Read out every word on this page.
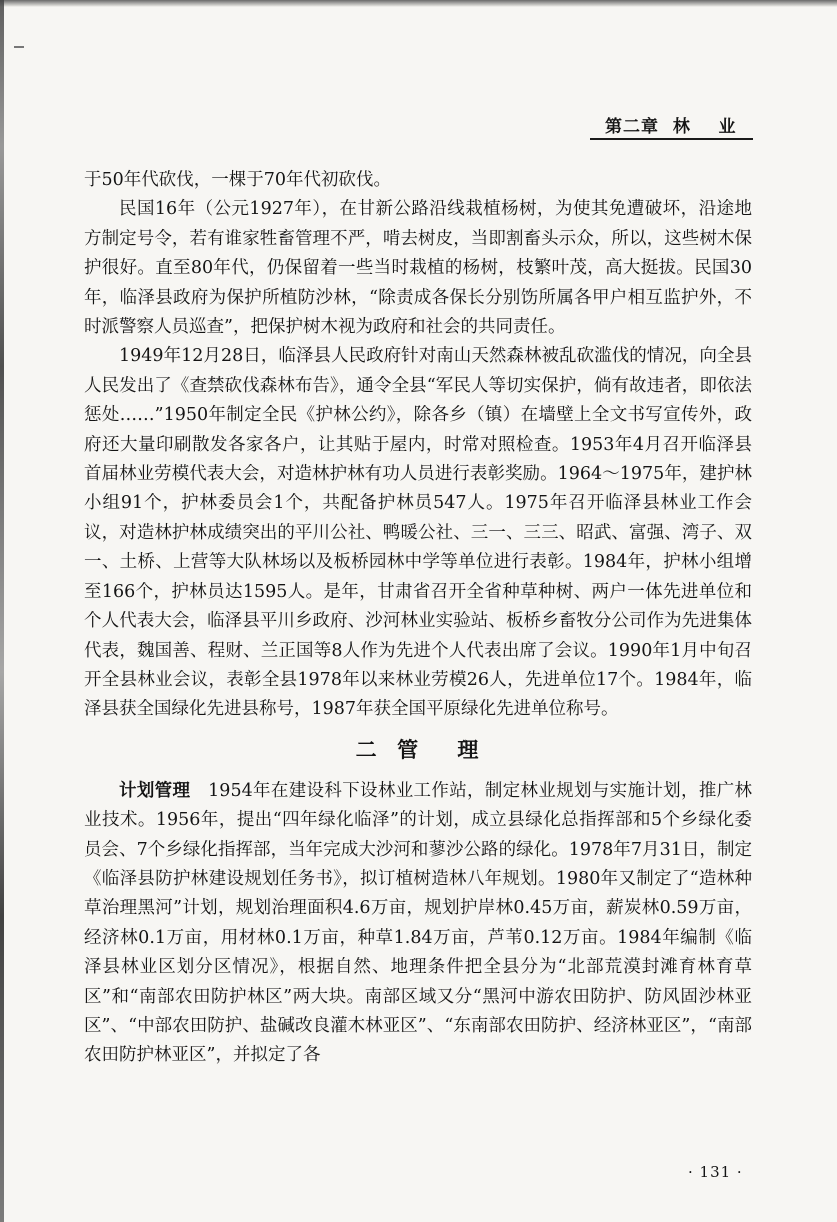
第二章  林    业

于50年代砍伐，一棵于70年代初砍伐。

民国16年（公元1927年），在甘新公路沿线栽植杨树，为使其免遭破坏，沿途地方制定号令，若有谁家牲畜管理不严，啃去树皮，当即割畜头示众，所以，这些树木保护很好。直至80年代，仍保留着一些当时栽植的杨树，枝繁叶茂，高大挺拔。民国30年，临泽县政府为保护所植防沙林，“除责成各保长分别饬所属各甲户相互监护外，不时派警察人员巡查”，把保护树木视为政府和社会的共同责任。

1949年12月28日，临泽县人民政府针对南山天然森林被乱砍滥伐的情况，向全县人民发出了《查禁砍伐森林布告》，通令全县“军民人等切实保护，倘有故违者，即依法惩处……”1950年制定全民《护林公约》，除各乡（镇）在墙壁上全文书写宣传外，政府还大量印刷散发各家各户，让其贴于屋内，时常对照检查。1953年4月召开临泽县首届林业劳模代表大会，对造林护林有功人员进行表彰奖励。1964～1975年，建护林小组91个，护林委员会1个，共配备护林员547人。1975年召开临泽县林业工作会议，对造林护林成绩突出的平川公社、鸭暖公社、三一、三三、昭武、富强、湾子、双一、土桥、上营等大队林场以及板桥园林中学等单位进行表彰。1984年，护林小组增至166个，护林员达1595人。是年，甘肃省召开全省种草种树、两户一体先进单位和个人代表大会，临泽县平川乡政府、沙河林业实验站、板桥乡畜牧分公司作为先进集体代表，魏国善、程财、兰正国等8人作为先进个人代表出席了会议。1990年1月中旬召开全县林业会议，表彰全县1978年以来林业劳模26人，先进单位17个。1984年，临泽县获全国绿化先进县称号，1987年获全国平原绿化先进单位称号。

二  管    理

计划管理　 1954年在建设科下设林业工作站，制定林业规划与实施计划，推广林业技术。1956年，提出“四年绿化临泽”的计划，成立县绿化总指挥部和5个乡绿化委员会、7个乡绿化指挥部，当年完成大沙河和蓼沙公路的绿化。1978年7月31日，制定《临泽县防护林建设规划任务书》，拟订植树造林八年规划。1980年又制定了“造林种草治理黑河”计划，规划治理面积4.6万亩，规划护岸林0.45万亩，薪炭林0.59万亩，经济林0.1万亩，用材林0.1万亩，种草1.84万亩，芦苇0.12万亩。1984年编制《临泽县林业区划分区情况》，根据自然、地理条件把全县分为“北部荒漠封滩育林育草区”和“南部农田防护林区”两大块。南部区域又分“黑河中游农田防护、防风固沙林亚区”、“中部农田防护、盐碱改良灌木林亚区”、“东南部农田防护、经济林亚区”，“南部农田防护林亚区”，并拟定了各

· 131 ·
